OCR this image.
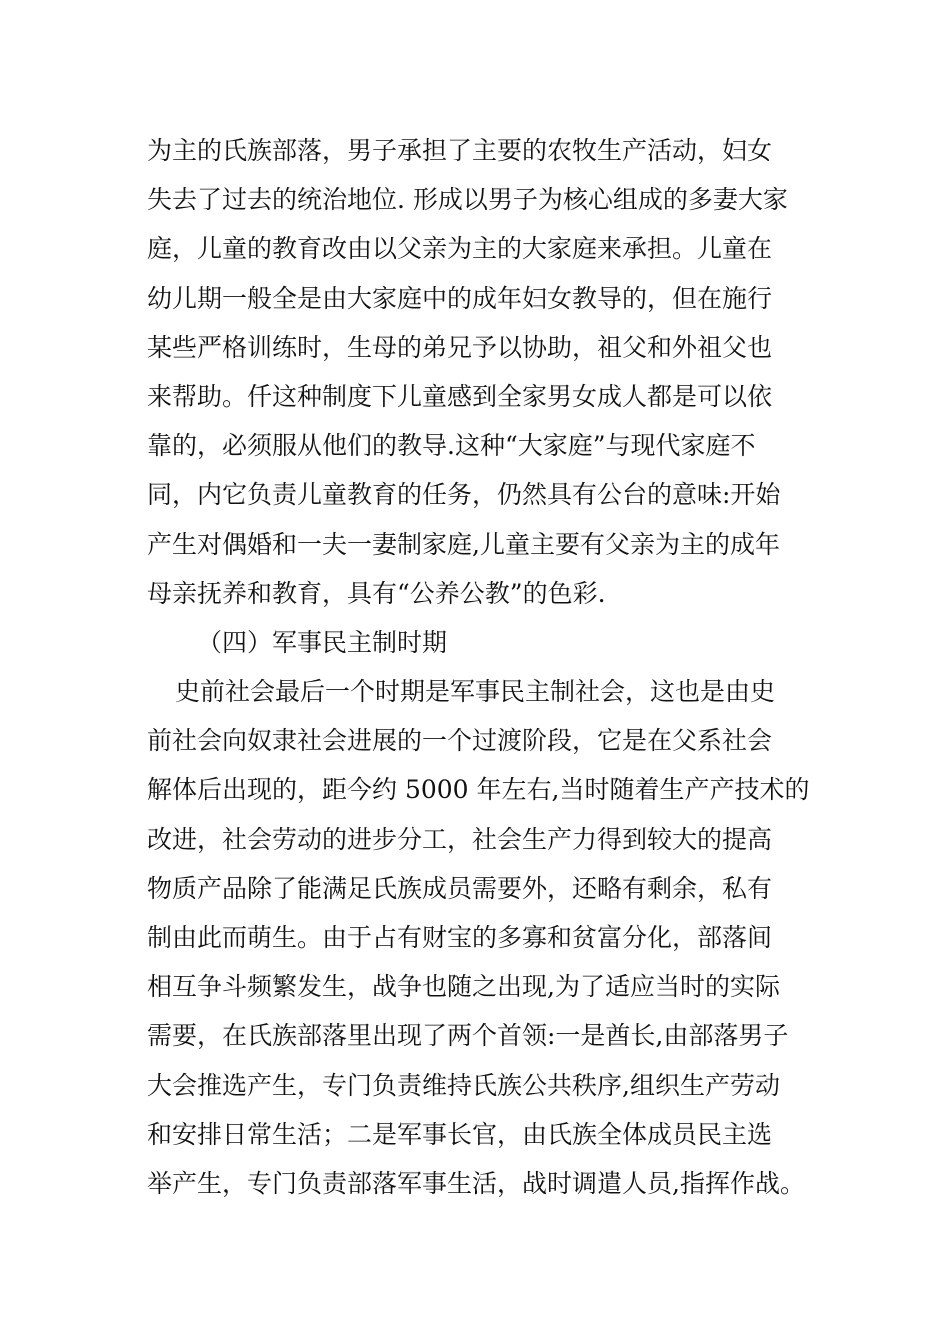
为主的氏族部落，男子承担了主要的农牧生产活动，妇女
失去了过去的统治地位. 形成以男子为核心组成的多妻大家
庭，儿童的教育改由以父亲为主的大家庭来承担。儿童在
幼儿期一般全是由大家庭中的成年妇女教导的，但在施行
某些严格训练时，生母的弟兄予以协助，祖父和外祖父也
来帮助。仟这种制度下儿童感到全家男女成人都是可以依
靠的，必须服从他们的教导.这种“大家庭”与现代家庭不
同，内它负责儿童教育的任务，仍然具有公台的意味:开始
产生对偶婚和一夫一妻制家庭,儿童主要有父亲为主的成年
母亲抚养和教育，具有“公养公教”的色彩.
（四）军事民主制时期
史前社会最后一个时期是军事民主制社会，这也是由史
前社会向奴隶社会进展的一个过渡阶段，它是在父系社会
解体后出现的，距今约 5000 年左右,当时随着生产产技术的
改进，社会劳动的进步分工，社会生产力得到较大的提高
物质产品除了能满足氏族成员需要外，还略有剩余，私有
制由此而萌生。由于占有财宝的多寡和贫富分化，部落间
相互争斗频繁发生，战争也随之出现,为了适应当时的实际
需要，在氏族部落里出现了两个首领:一是酋长,由部落男子
大会推选产生，专门负责维持氏族公共秩序,组织生产劳动
和安排日常生活；二是军事长官，由氏族全体成员民主选
举产生，专门负责部落军事生活，战时调遣人员,指挥作战。
